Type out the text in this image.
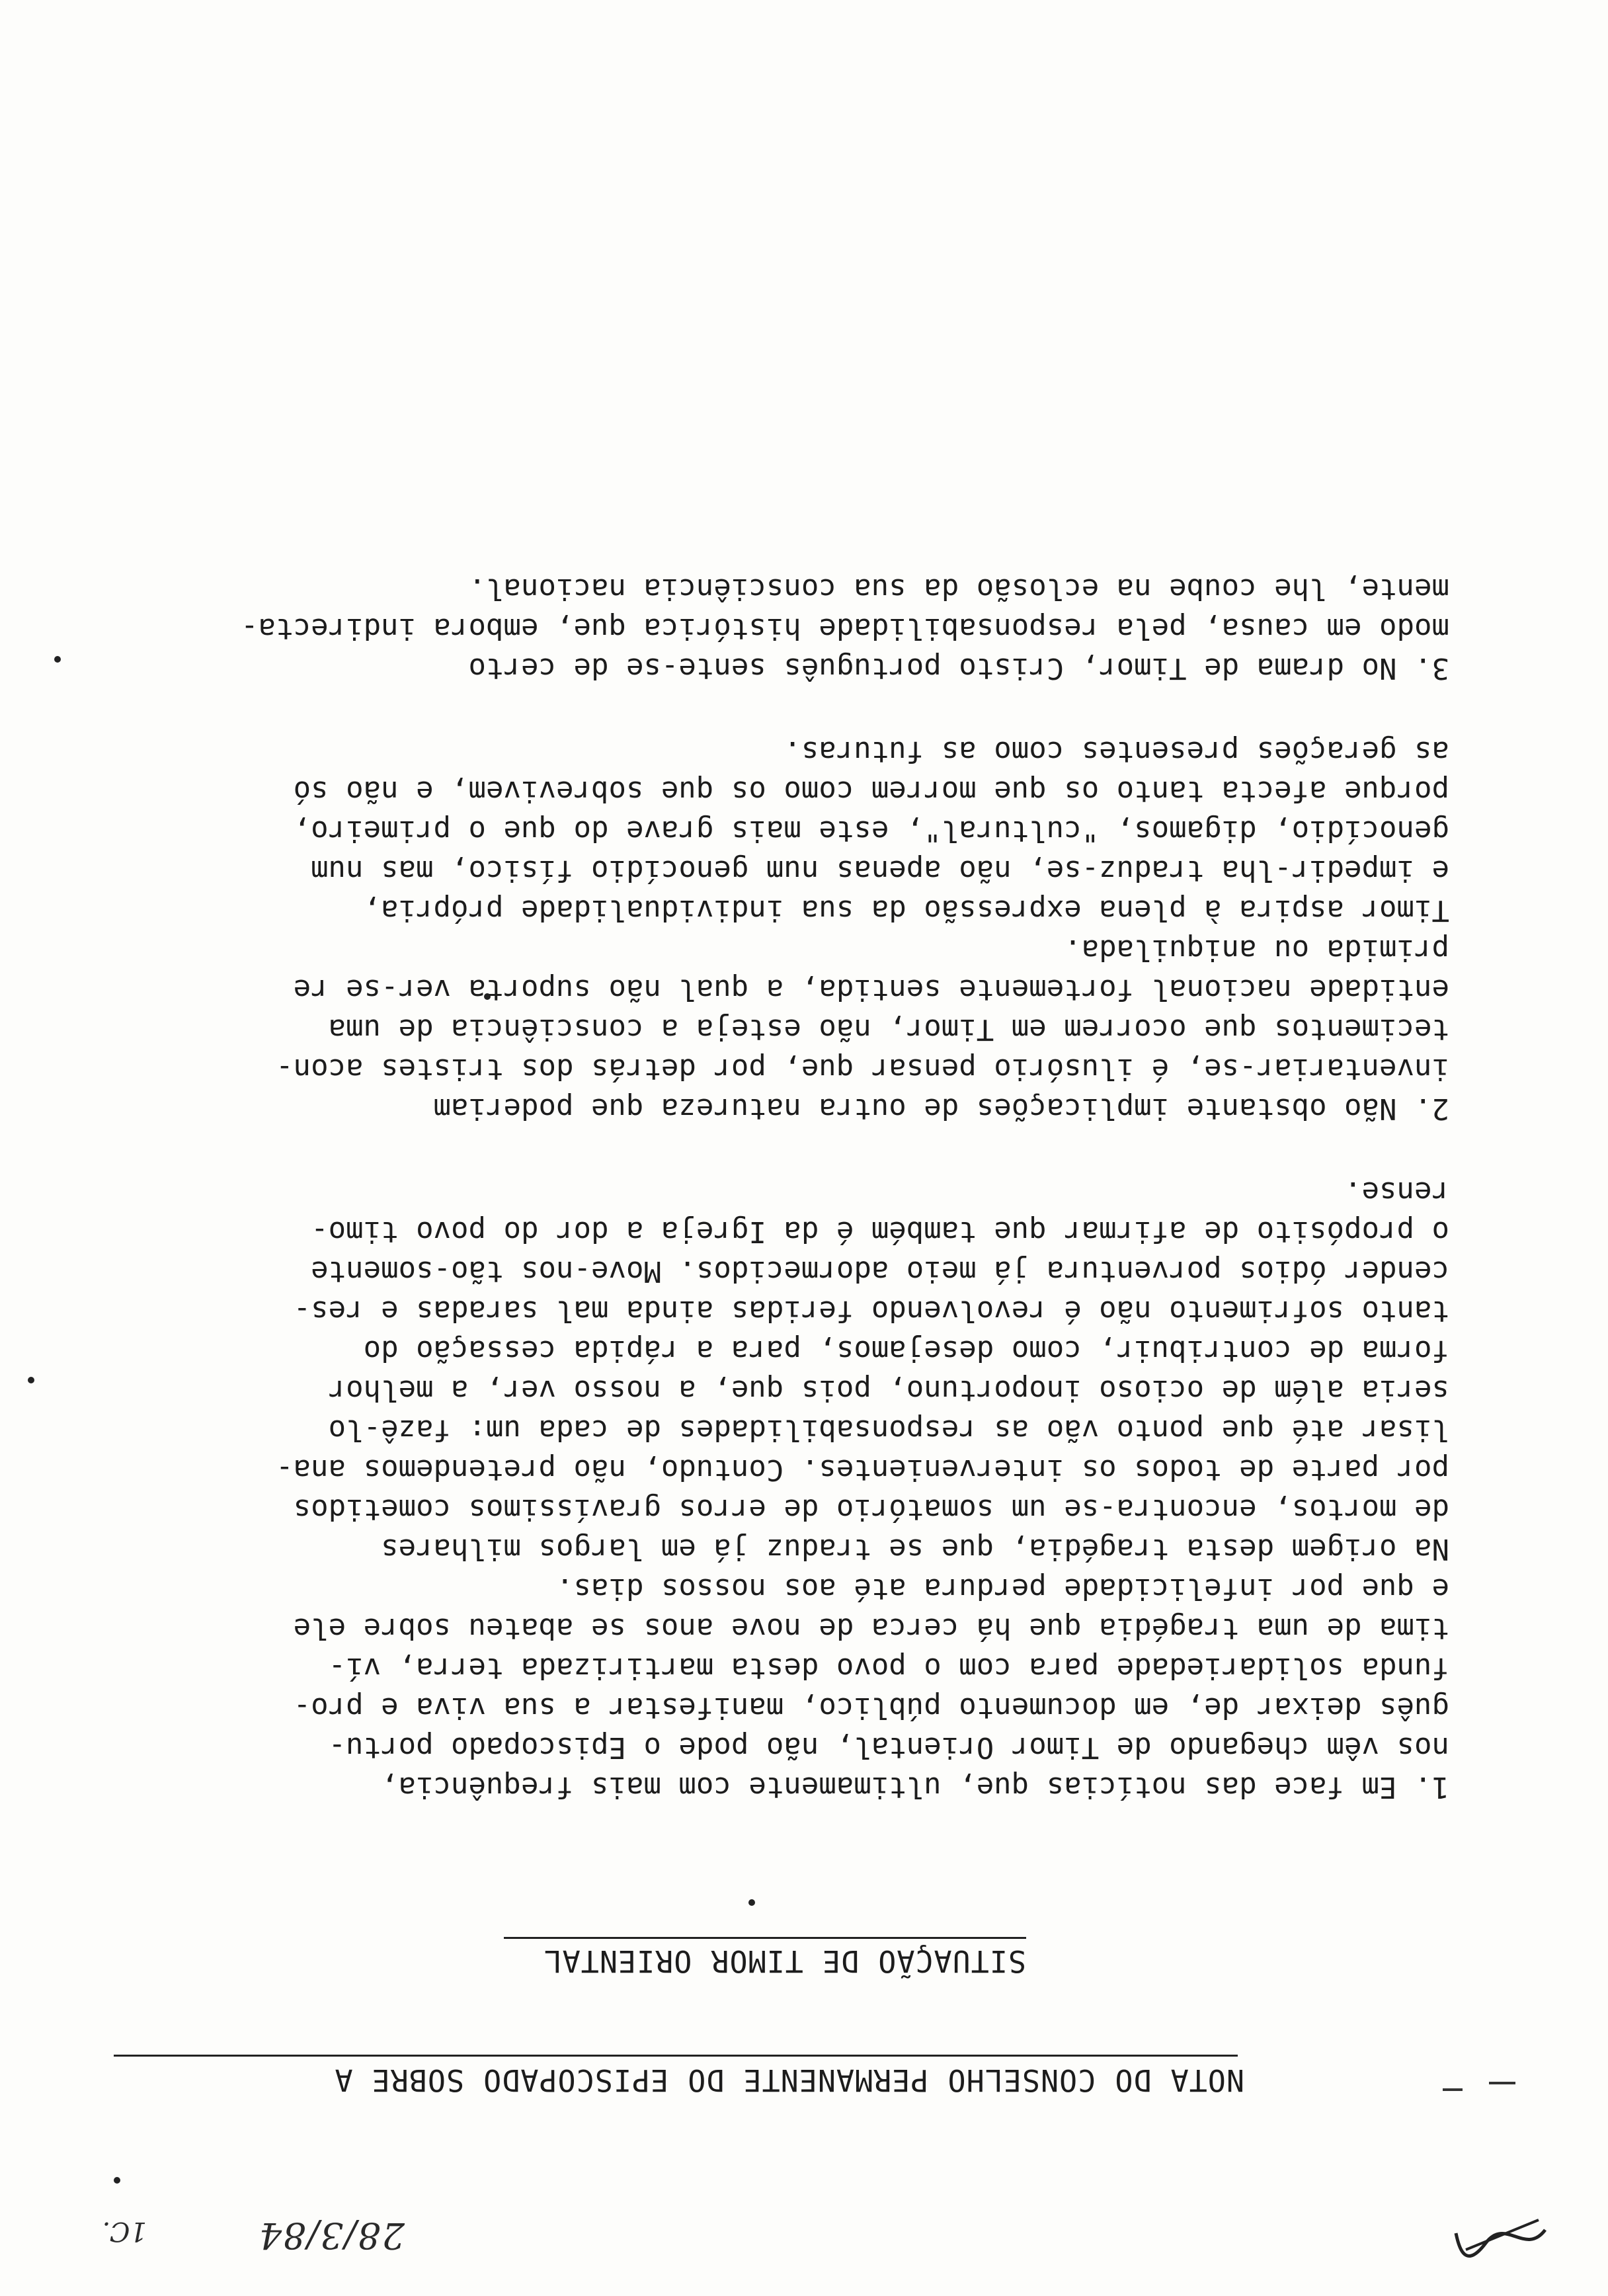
28/3/84

1C.

NOTA DO CONSELHO PERMANENTE DO EPISCOPADO SOBRE A
SITUAÇÃO DE TIMOR ORIENTAL

1. Em face das notícias que, ultimamente com mais frequência,

nos vêm chegando de Timor Oriental, não pode o Episcopado portu-

guês deixar de, em documento público, manifestar a sua viva e pro-

funda solidariedade para com o povo desta martirizada terra, ví-

tima de uma tragédia que há cerca de nove anos se abateu sobre ele

e que por infelicidade perdura até aos nossos dias.

Na origem desta tragédia, que se traduz já em largos milhares

de mortos, encontra-se um somatório de erros gravíssimos cometidos

por parte de todos os intervenientes. Contudo, não pretendemos ana-

lisar até que ponto vão as responsabilidades de cada um: fazê-lo

seria além de ocioso inoportuno, pois que, a nosso ver, a melhor

forma de contribuir, como desejamos, para a rápida cessação do

tanto sofrimento não é revolvendo feridas ainda mal saradas e res-

cender ódios porventura já meio adormecidos. Move-nos tão-somente

o propósito de afirmar que também é da Igreja a dor do povo timo-

rense.

2. Não obstante implicações de outra natureza que poderiam

inventariar-se, é ilusório pensar que, por detrás dos tristes acon-

tecimentos que ocorrem em Timor, não esteja a consciência de uma

entidade nacional fortemente sentida, a qual não suporta ver-se re

primida ou aniquilada.

Timor aspira à plena expressão da sua individualidade própria,

e impedir-lha traduz-se, não apenas num genocídio físico, mas num

genocídio, digamos, "cultural", este mais grave do que o primeiro,

porque afecta tanto os que morrem como os que sobrevivem, e não só

as gerações presentes como as futuras.

3. No drama de Timor, Cristo português sente-se de certo

modo em causa, pela responsabilidade histórica que, embora indirecta-

mente, lhe coube na eclosão da sua consciência nacional.
